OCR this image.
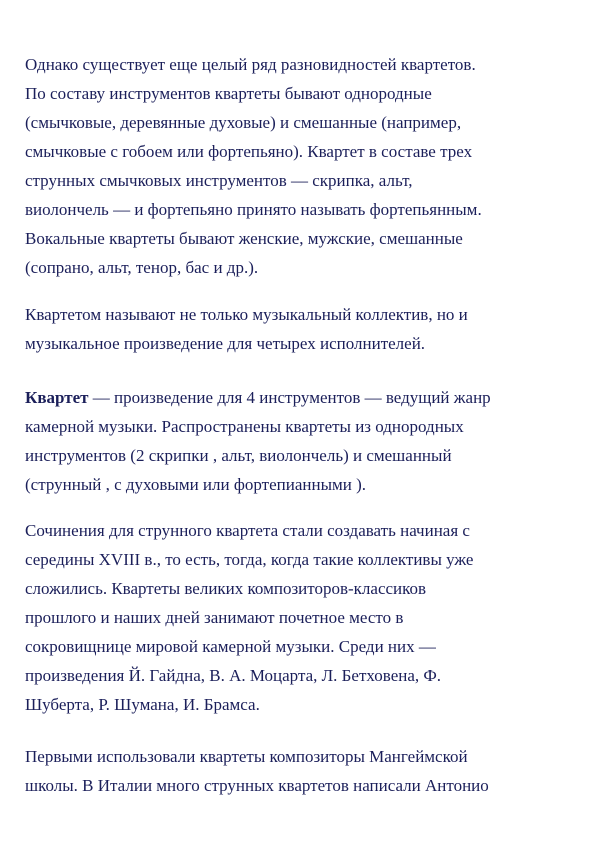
Однако существует еще целый ряд разновидностей квартетов.
По составу инструментов квартеты бывают однородные
(смычковые, деревянные духовые) и смешанные (например,
смычковые с гобоем или фортепьяно). Квартет в составе трех
струнных смычковых инструментов — скрипка, альт,
виолончель — и фортепьяно принято называть фортепьянным.
Вокальные квартеты бывают женские, мужские, смешанные
(сопрано, альт, тенор, бас и др.).
Квартетом называют не только музыкальный коллектив, но и
музыкальное произведение для четырех исполнителей.
Квартет — произведение для 4 инструментов — ведущий жанр
камерной музыки. Распространены квартеты из однородных
инструментов (2 скрипки , альт, виолончель) и смешанный
(струнный , с духовыми или фортепианными ).
Сочинения для струнного квартета стали создавать начиная с
середины XVIII в., то есть, тогда, когда такие коллективы уже
сложились. Квартеты великих композиторов-классиков
прошлого и наших дней занимают почетное место в
сокровищнице мировой камерной музыки. Среди них —
произведения Й. Гайдна, В. А. Моцарта, Л. Бетховена, Ф.
Шуберта, Р. Шумана, И. Брамса.
Первыми использовали квартеты композиторы Мангеймской
школы. В Италии много струнных квартетов написали Антонио
